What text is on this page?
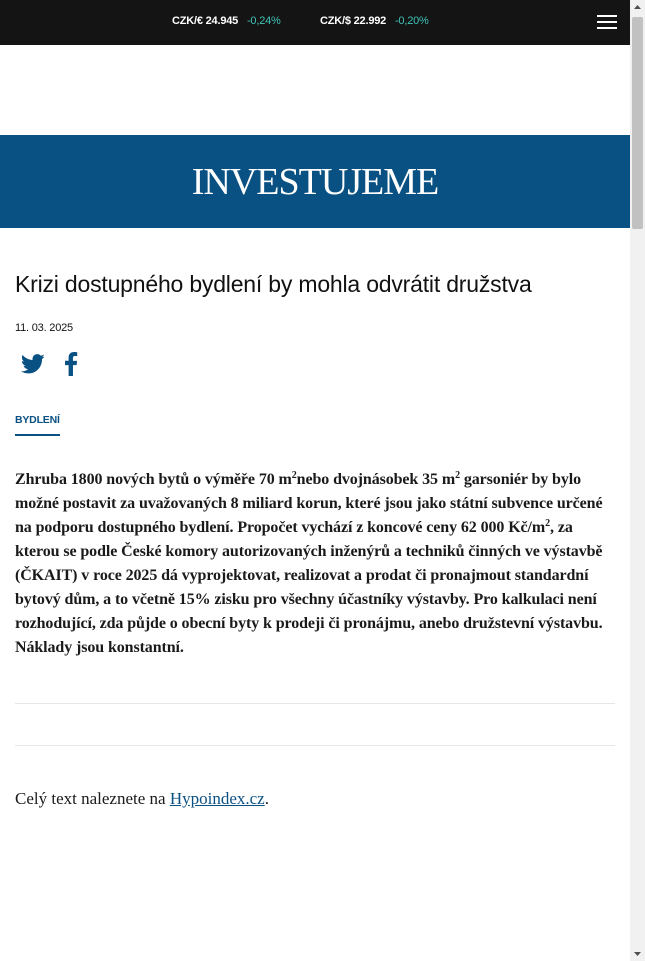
CZK/€ 24.945 -0,24%	CZK/$ 22.992 -0,20%
INVESTUJEME
Krizi dostupného bydlení by mohla odvrátit družstva
11. 03. 2025
BYDLENÍ

Zhruba 1800 nových bytů o výměře 70 $m^2nebo$ dvojnásobek 35 $m^2$ garsoniér by bylo možné postavit za uvažovaných 8 miliard korun, které jsou jako státní subvence určené na podporu dostupného bydlení. Propočet vychází z koncové ceny 62 000 $Kč/m^2$, za kterou se podle České komory autorizovaných inženýrů a techniků činných ve výstavbě (ČKAIT) v roce 2025 dá vyprojektovat, realizovat a prodat či pronajmout standardní bytový dům, a to včetně 15% zisku pro všechny účastníky výstavby. Pro kalkulaci není rozhodující, zda půjde o obecní byty k prodeji či pronájmu, anebo družstevní výstavbu. Náklady jsou konstantní.

Celý text naleznete na Hypoindex.cz.
